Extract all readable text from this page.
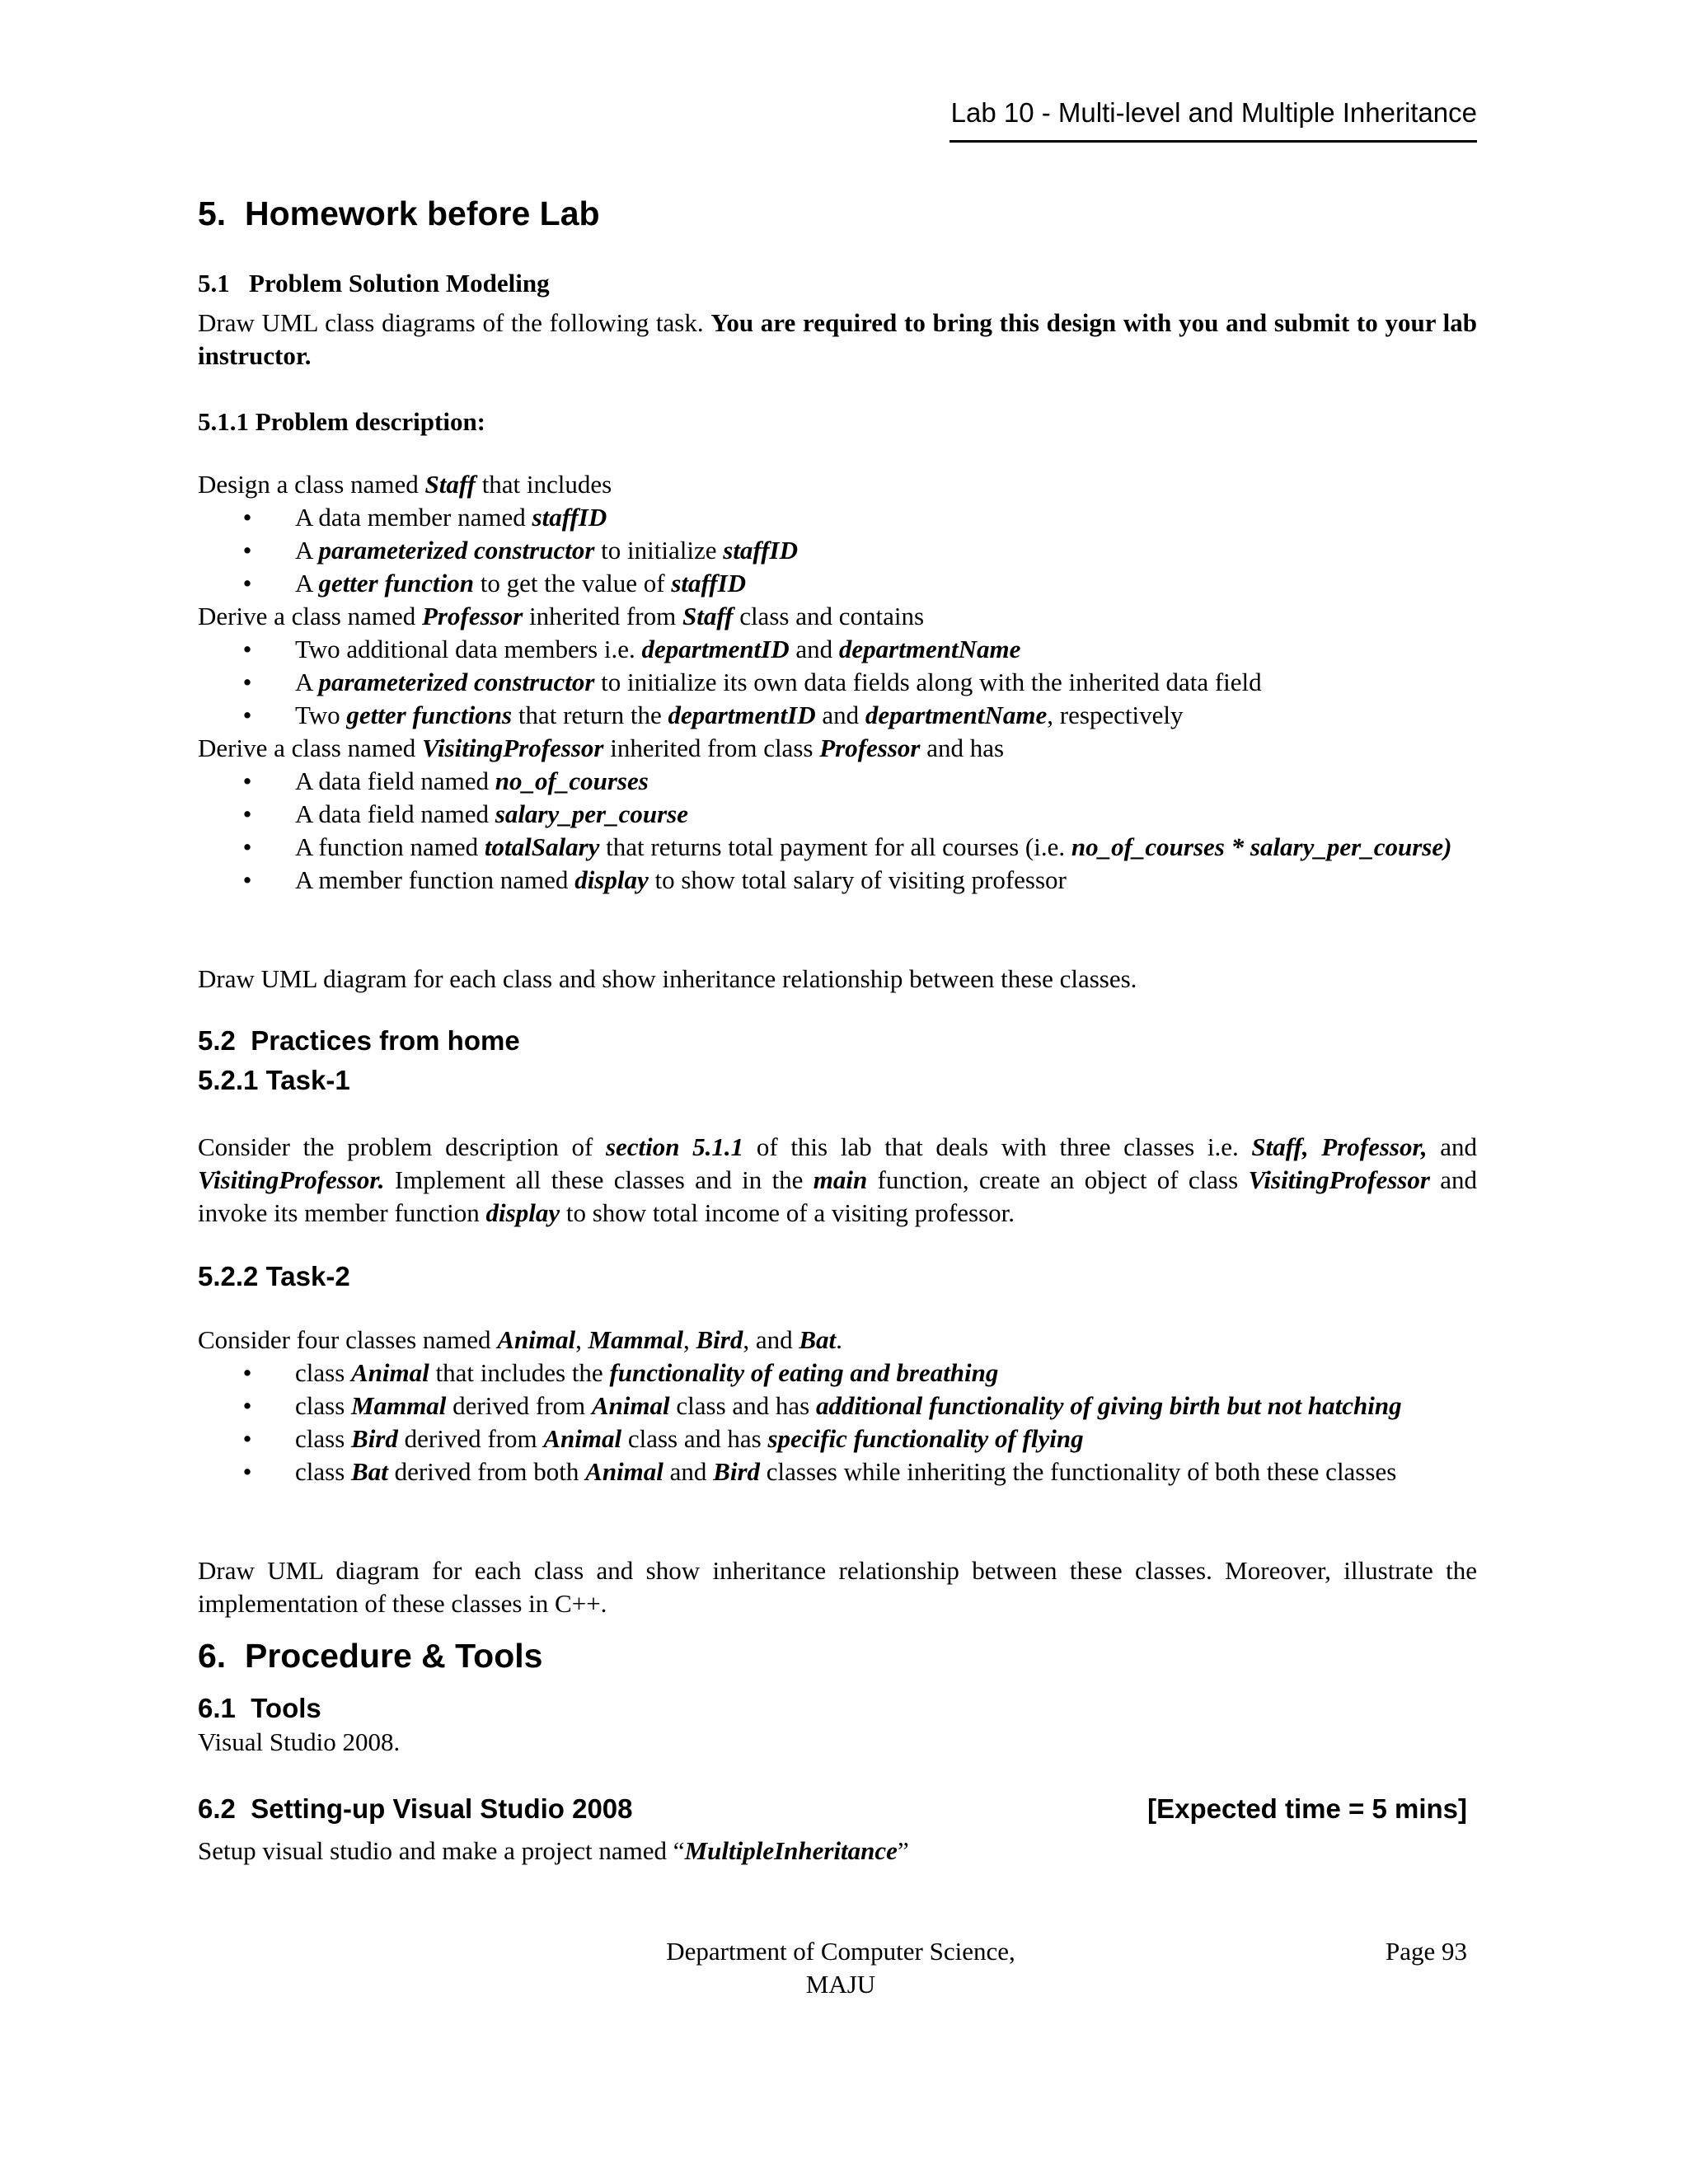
Lab 10 - Multi-level and Multiple Inheritance
5.  Homework before Lab
5.1   Problem Solution Modeling
Draw UML class diagrams of the following task. You are required to bring this design with you and submit to your lab instructor.
5.1.1 Problem description:
Design a class named Staff that includes
• A data member named staffID
• A parameterized constructor to initialize staffID
• A getter function to get the value of staffID
Derive a class named Professor inherited from Staff class and contains
• Two additional data members i.e. departmentID and departmentName
• A parameterized constructor to initialize its own data fields along with the inherited data field
• Two getter functions that return the departmentID and departmentName, respectively
Derive a class named VisitingProfessor inherited from class Professor and has
• A data field named no_of_courses
• A data field named salary_per_course
• A function named totalSalary that returns total payment for all courses (i.e. no_of_courses * salary_per_course)
• A member function named display to show total salary of visiting professor
Draw UML diagram for each class and show inheritance relationship between these classes.
5.2  Practices from home
5.2.1 Task-1
Consider the problem description of section 5.1.1 of this lab that deals with three classes i.e. Staff, Professor, and VisitingProfessor. Implement all these classes and in the main function, create an object of class VisitingProfessor and invoke its member function display to show total income of a visiting professor.
5.2.2 Task-2
Consider four classes named Animal, Mammal, Bird, and Bat.
• class Animal that includes the functionality of eating and breathing
• class Mammal derived from Animal class and has additional functionality of giving birth but not hatching
• class Bird derived from Animal class and has specific functionality of flying
• class Bat derived from both Animal and Bird classes while inheriting the functionality of both these classes
Draw UML diagram for each class and show inheritance relationship between these classes. Moreover, illustrate the implementation of these classes in C++.
6.  Procedure & Tools
6.1  Tools
Visual Studio 2008.
6.2  Setting-up Visual Studio 2008	[Expected time = 5 mins]
Setup visual studio and make a project named “MultipleInheritance”
Department of Computer Science,
MAJU
Page 93
